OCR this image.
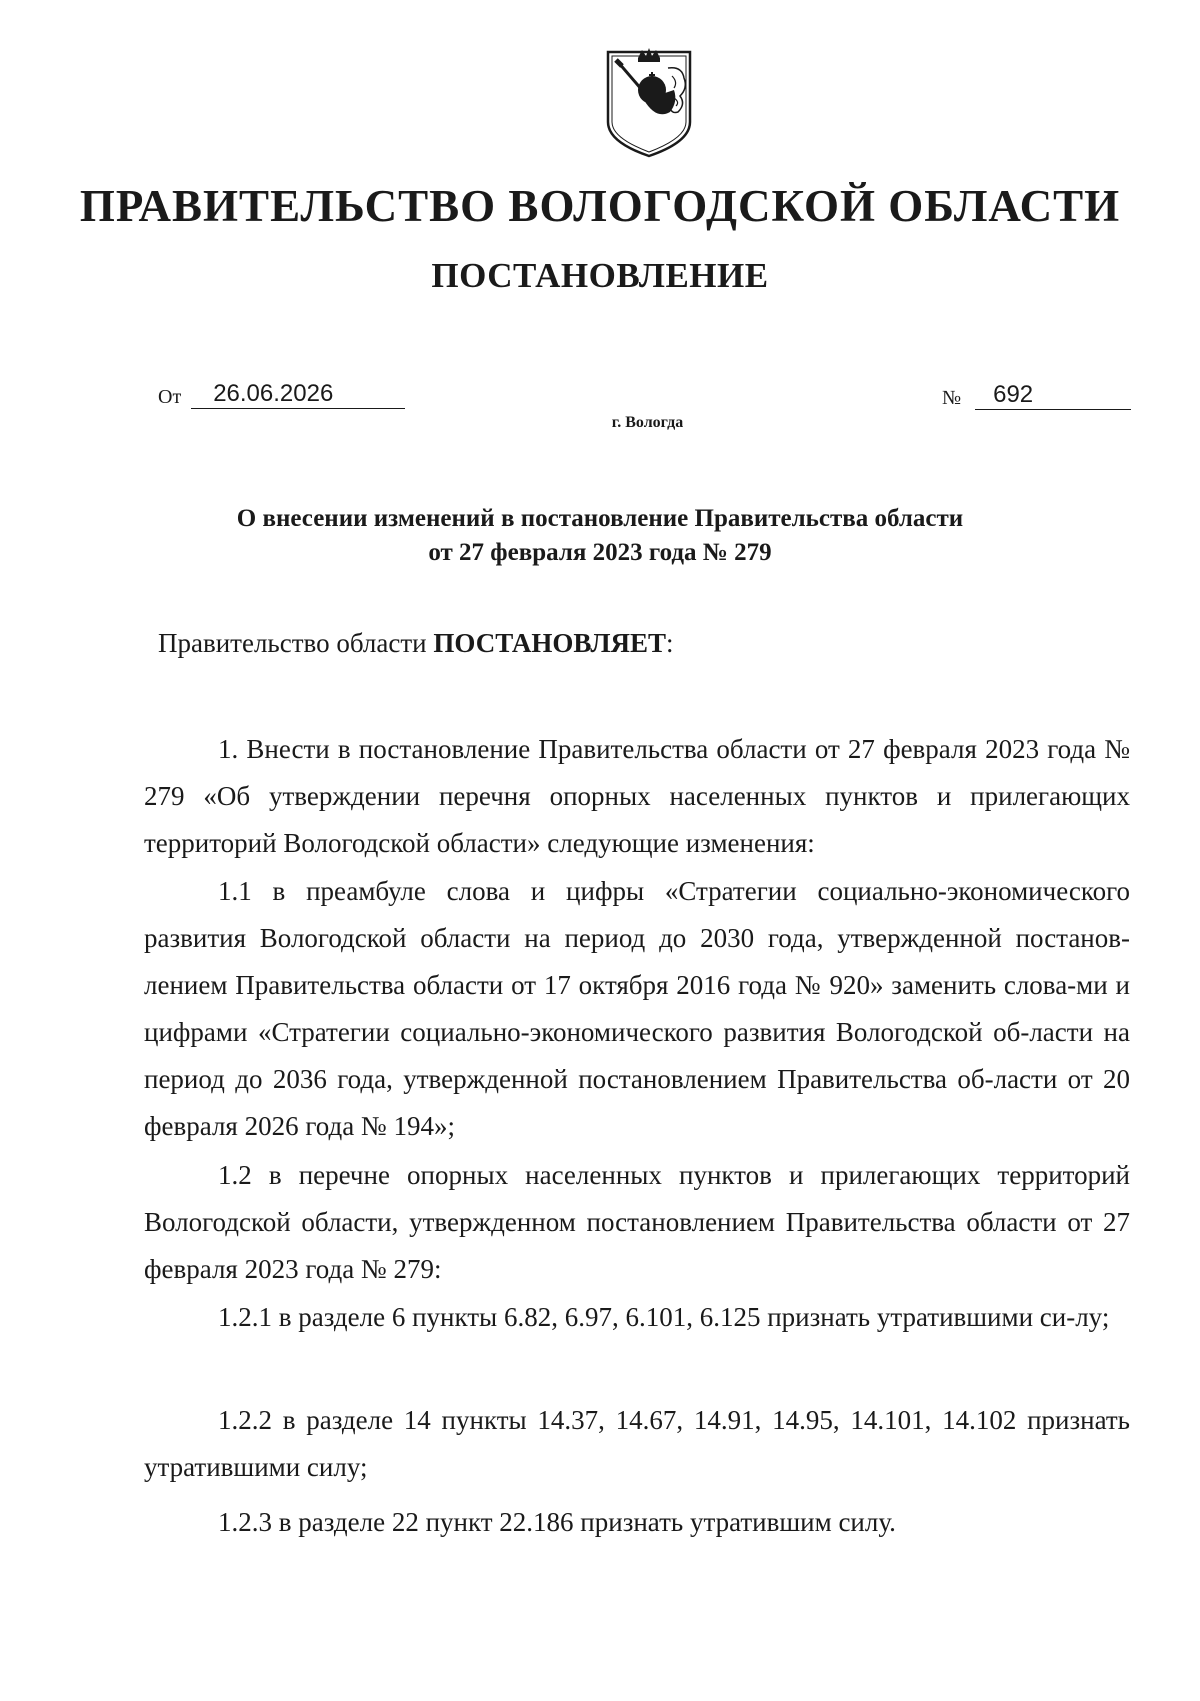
ПРАВИТЕЛЬСТВО ВОЛОГОДСКОЙ ОБЛАСТИ
ПОСТАНОВЛЕНИЕ
От	26.06.2026	№	692
г. Вологда
О внесении изменений в постановление Правительства области
от 27 февраля 2023 года № 279
Правительство области ПОСТАНОВЛЯЕТ:

1. Внести в постановление Правительства области от 27 февраля 2023 года № 279 «Об утверждении перечня опорных населенных пунктов и прилегающих территорий Вологодской области» следующие изменения:

1.1 в преамбуле слова и цифры «Стратегии социально-экономического развития Вологодской области на период до 2030 года, утвержденной постанов-лением Правительства области от 17 октября 2016 года № 920» заменить слова-ми и цифрами «Стратегии социально-экономического развития Вологодской об-ласти на период до 2036 года, утвержденной постановлением Правительства об-ласти от 20 февраля 2026 года № 194»;

1.2 в перечне опорных населенных пунктов и прилегающих территорий Вологодской области, утвержденном постановлением Правительства области от 27 февраля 2023 года № 279:

1.2.1 в разделе 6 пункты 6.82, 6.97, 6.101, 6.125 признать утратившими си-лу;

1.2.2 в разделе 14 пункты 14.37, 14.67, 14.91, 14.95, 14.101, 14.102 признать утратившими силу;

1.2.3 в разделе 22 пункт 22.186 признать утратившим силу.
